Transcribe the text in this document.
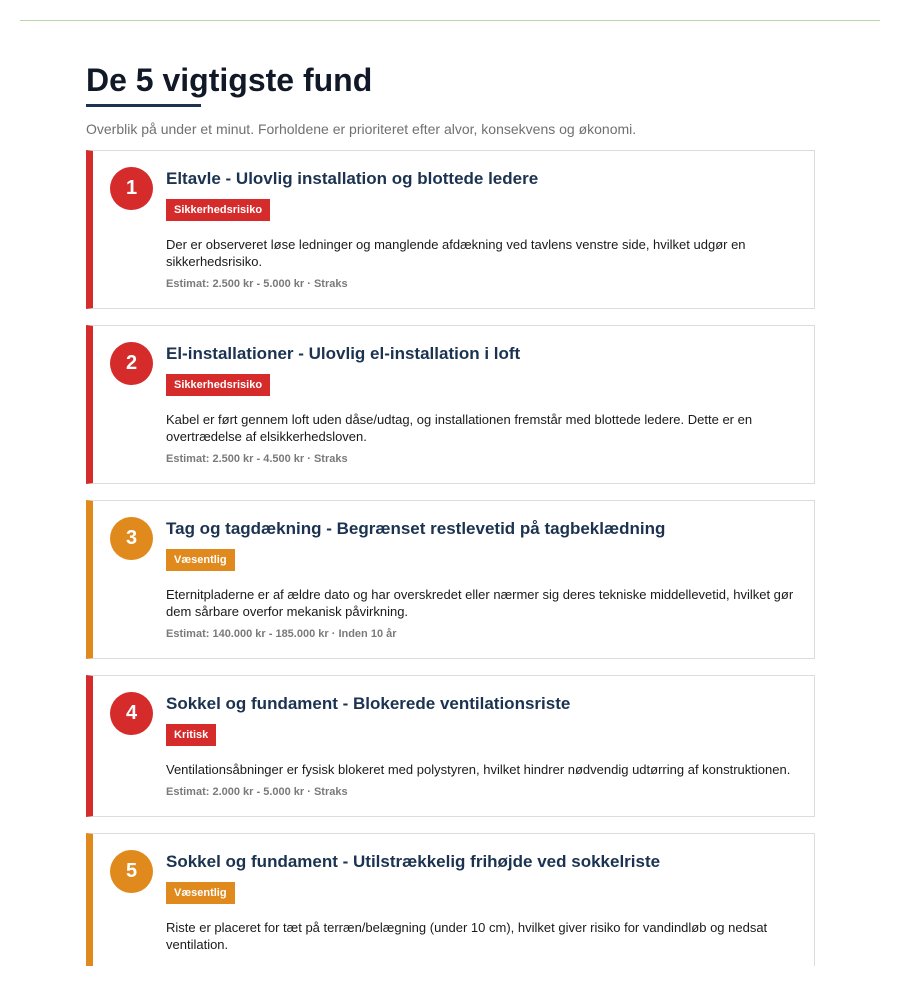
De 5 vigtigste fund
Overblik på under et minut. Forholdene er prioriteret efter alvor, konsekvens og økonomi.
1	Eltavle - Ulovlig installation og blottede ledere
Sikkerhedsrisiko
Der er observeret løse ledninger og manglende afdækning ved tavlens venstre side, hvilket udgør en sikkerhedsrisiko.
Estimat: 2.500 kr - 5.000 kr · Straks
2	El-installationer - Ulovlig el-installation i loft
Sikkerhedsrisiko
Kabel er ført gennem loft uden dåse/udtag, og installationen fremstår med blottede ledere. Dette er en overtrædelse af elsikkerhedsloven.
Estimat: 2.500 kr - 4.500 kr · Straks
3	Tag og tagdækning - Begrænset restlevetid på tagbeklædning
Væsentlig
Eternitpladerne er af ældre dato og har overskredet eller nærmer sig deres tekniske middellevetid, hvilket gør dem sårbare overfor mekanisk påvirkning.
Estimat: 140.000 kr - 185.000 kr · Inden 10 år
4	Sokkel og fundament - Blokerede ventilationsriste
Kritisk
Ventilationsåbninger er fysisk blokeret med polystyren, hvilket hindrer nødvendig udtørring af konstruktionen.
Estimat: 2.000 kr - 5.000 kr · Straks
5	Sokkel og fundament - Utilstrækkelig frihøjde ved sokkelriste
Væsentlig
Riste er placeret for tæt på terræn/belægning (under 10 cm), hvilket giver risiko for vandindløb og nedsat ventilation.
